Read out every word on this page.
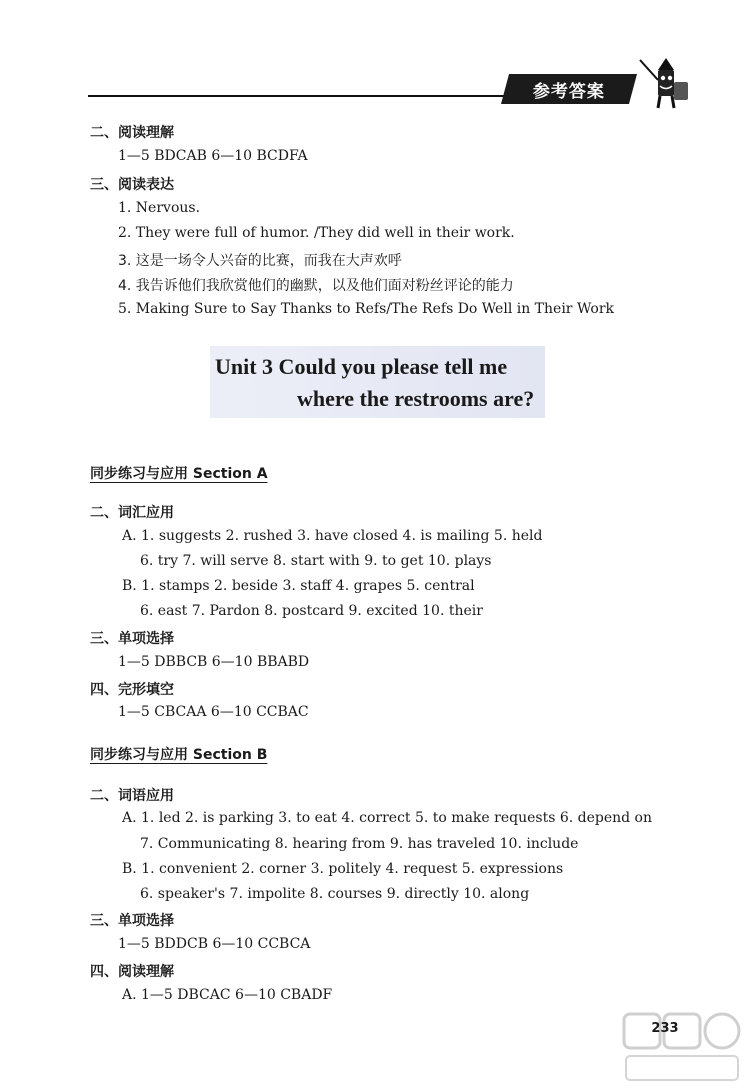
参考答案
二、阅读理解
1—5 BDCAB 6—10 BCDFA
三、阅读表达
1. Nervous.
2. They were full of humor. /They did well in their work.
3. 这是一场令人兴奋的比赛，而我在大声欢呼
4. 我告诉他们我欣赏他们的幽默，以及他们面对粉丝评论的能力
5. Making Sure to Say Thanks to Refs/The Refs Do Well in Their Work
Unit 3 Could you please tell me
where the restrooms are?
同步练习与应用 Section A
二、词汇应用
A. 1. suggests 2. rushed 3. have closed 4. is mailing 5. held
6. try 7. will serve 8. start with 9. to get 10. plays
B. 1. stamps 2. beside 3. staff 4. grapes 5. central
6. east 7. Pardon 8. postcard 9. excited 10. their
三、单项选择
1—5 DBBCB 6—10 BBABD
四、完形填空
1—5 CBCAA 6—10 CCBAC
同步练习与应用 Section B
二、词语应用
A. 1. led 2. is parking 3. to eat 4. correct 5. to make requests 6. depend on
7. Communicating 8. hearing from 9. has traveled 10. include
B. 1. convenient 2. corner 3. politely 4. request 5. expressions
6. speaker's 7. impolite 8. courses 9. directly 10. along
三、单项选择
1—5 BDDCB 6—10 CCBCA
四、阅读理解
A. 1—5 DBCAC 6—10 CBADF
233
